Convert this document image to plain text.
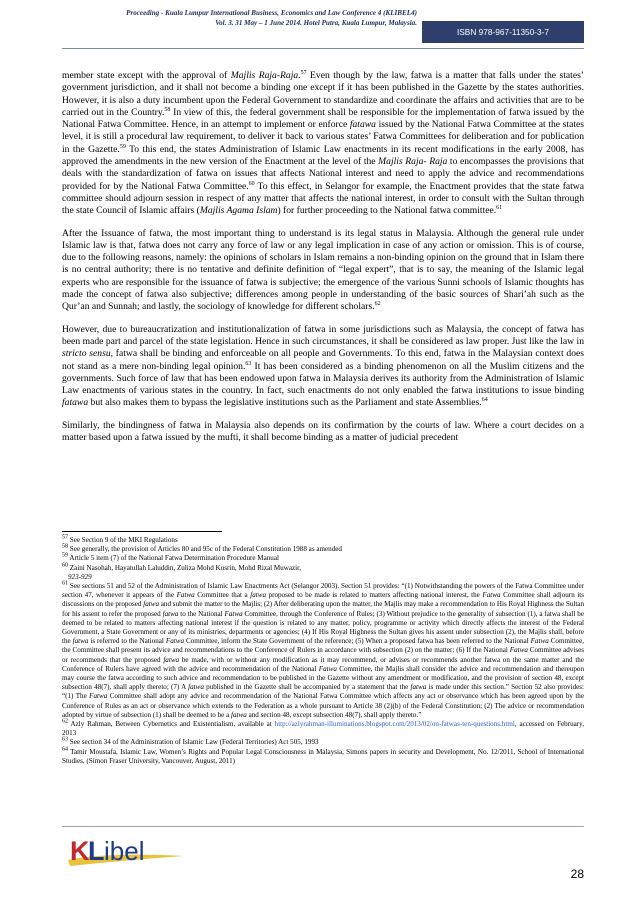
Proceeding - Kuala Lumpur International Business, Economics and Law Conference 4 (KLIBEL4)
Vol. 3. 31 May – 1 June 2014. Hotel Putra, Kuala Lumpur, Malaysia.
ISBN 978-967-11350-3-7

member state except with the approval of Majlis Raja-Raja.$^{57}$ Even though by the law, fatwa is a matter that falls under the states’ government jurisdiction, and it shall not become a binding one except if it has been published in the Gazette by the states authorities. However, it is also a duty incumbent upon the Federal Government to standardize and coordinate the affairs and activities that are to be carried out in the Country.$^{58}$ In view of this, the federal government shall be responsible for the implementation of fatwa issued by the National Fatwa Committee. Hence, in an attempt to implement or enforce fatawa issued by the National Fatwa Committee at the states level, it is still a procedural law requirement, to deliver it back to various states’ Fatwa Committees for deliberation and for publication in the Gazette.$^{59}$ To this end, the states Administration of Islamic Law enactments in its recent modifications in the early 2008, has approved the amendments in the new version of the Enactment at the level of the Majlis Raja- Raja to encompasses the provisions that deals with the standardization of fatwa on issues that affects National interest and need to apply the advice and recommendations provided for by the National Fatwa Committee.$^{60}$ To this effect, in Selangor for example, the Enactment provides that the state fatwa committee should adjourn session in respect of any matter that affects the national interest, in order to consult with the Sultan through the state Council of Islamic affairs (Majlis Agama Islam) for further proceeding to the National fatwa committee.$^{61}$

After the Issuance of fatwa, the most important thing to understand is its legal status in Malaysia. Although the general rule under Islamic law is that, fatwa does not carry any force of law or any legal implication in case of any action or omission. This is of course, due to the following reasons, namely: the opinions of scholars in Islam remains a non-binding opinion on the ground that in Islam there is no central authority; there is no tentative and definite definition of “legal expert”, that is to say, the meaning of the Islamic legal experts who are responsible for the issuance of fatwa is subjective; the emergence of the various Sunni schools of Islamic thoughts has made the concept of fatwa also subjective; differences among people in understanding of the basic sources of Shari’ah such as the Qur’an and Sunnah; and lastly, the sociology of knowledge for different scholars.$^{62}$

However, due to bureaucratization and institutionalization of fatwa in some jurisdictions such as Malaysia, the concept of fatwa has been made part and parcel of the state legislation. Hence in such circumstances, it shall be considered as law proper. Just like the law in stricto sensu, fatwa shall be binding and enforceable on all people and Governments. To this end, fatwa in the Malaysian context does not stand as a mere non-binding legal opinion.$^{63}$ It has been considered as a binding phenomenon on all the Muslim citizens and the governments. Such force of law that has been endowed upon fatwa in Malaysia derives its authority from the Administration of Islamic Law enactments of various states in the country. In fact, such enactments do not only enabled the fatwa institutions to issue binding fatawa but also makes them to bypass the legislative institutions such as the Parliament and state Assemblies.$^{64}$

Similarly, the bindingness of fatwa in Malaysia also depends on its confirmation by the courts of law. Where a court decides on a matter based upon a fatwa issued by the mufti, it shall become binding as a matter of judicial precedent

$^{57}$ See Section 9 of the MKI Regulations
$^{58}$ See generally, the provision of Articles 80 and 95c of the Federal Constitution 1988 as amended
$^{59}$ Article 5 item (7) of the National Fatwa Determination Procedure Manual
$^{60}$ Zaini Nasohah, Hayatullah Laluddin, Zuliza Mohd Kusrin, Mohd Rizal Muwazir,
923-929
$^{61}$ See sections 51 and 52 of the Administration of Islamic Law Enactments Act (Selangor 2003). Section 51 provides: “(1) Notwithstanding the powers of the Fatwa Committee under section 47, whenever it appears of the Fatwa Committee that a fatwa proposed to be made is related to matters affecting national interest, the Fatwa Committee shall adjourn its discussions on the proposed fatwa and submit the matter to the Majlis; (2) After deliberating upon the matter, the Majlis may make a recommendation to His Royal Highness the Sultan for his assent to refer the proposed fatwa to the National Fatwa Committee, through the Conference of Rules; (3) Without prejudice to the generality of subsection (1), a fatwa shall be deemed to be related to matters affecting national interest if the question is related to any matter, policy, programme or activity which directly affects the interest of the Federal Government, a State Government or any of its ministries, departments or agencies; (4) If His Royal Highness the Sultan gives his assent under subsection (2), the Majlis shall, before the fatwa is referred to the National Fatwa Committee, inform the State Government of the reference; (5) When a proposed fatwa has been referred to the National Fatwa Committee, the Committee shall present its advice and recommendations to the Conference of Rulers in accordance with subsection (2) on the matter; (6) If the National Fatwa Committee advises or recommends that the proposed fatwa be made, with or without any modification as it may recommend, or advises or recommends another fatwa on the same matter and the Conference of Rulers have agreed with the advice and recommendation of the National Fatwa Committee, the Majlis shall consider the advice and recommendation and thereupon may course the fatwa according to such advice and recommendation to be published in the Gazette without any amendment or modification, and the provision of section 48, except subsection 48(7), shall apply thereto; (7) A fatwa published in the Gazette shall be accompanied by a statement that the fatwa is made under this section.” Section 52 also provides: “(1) The Fatwa Committee shall adopt any advice and recommendation of the National Fatwa Committee which affects any act or observance which has been agreed upon by the Conference of Rules as an act or observance which extends to the Federation as a whole pursuant to Article 38 (2)(b) of the Federal Constitution; (2) The advice or recommendation adopted by virtue of subsection (1) shall be deemed to be a fatwa and section 48, except subsection 48(7), shall apply thereto.”
$^{62}$ Azly Rahman, Between Cybernetics and Existentialism, available at http://azlyrahman-illuminations.blogspot.com/2013/02/on-fatwas-ten-questions.html, accessed on February, 2013
$^{63}$ See section 34 of the Administration of Islamic Law (Federal Territories) Act 505, 1993
$^{64}$ Tamir Moustafa, Islamic Law, Women’s Rights and Popular Legal Consciousness in Malaysia, Simons papers in security and Development, No. 12/2011, School of International Studies, (Simon Fraser University, Vancouver, August, 2011)
K
L ibel
28
